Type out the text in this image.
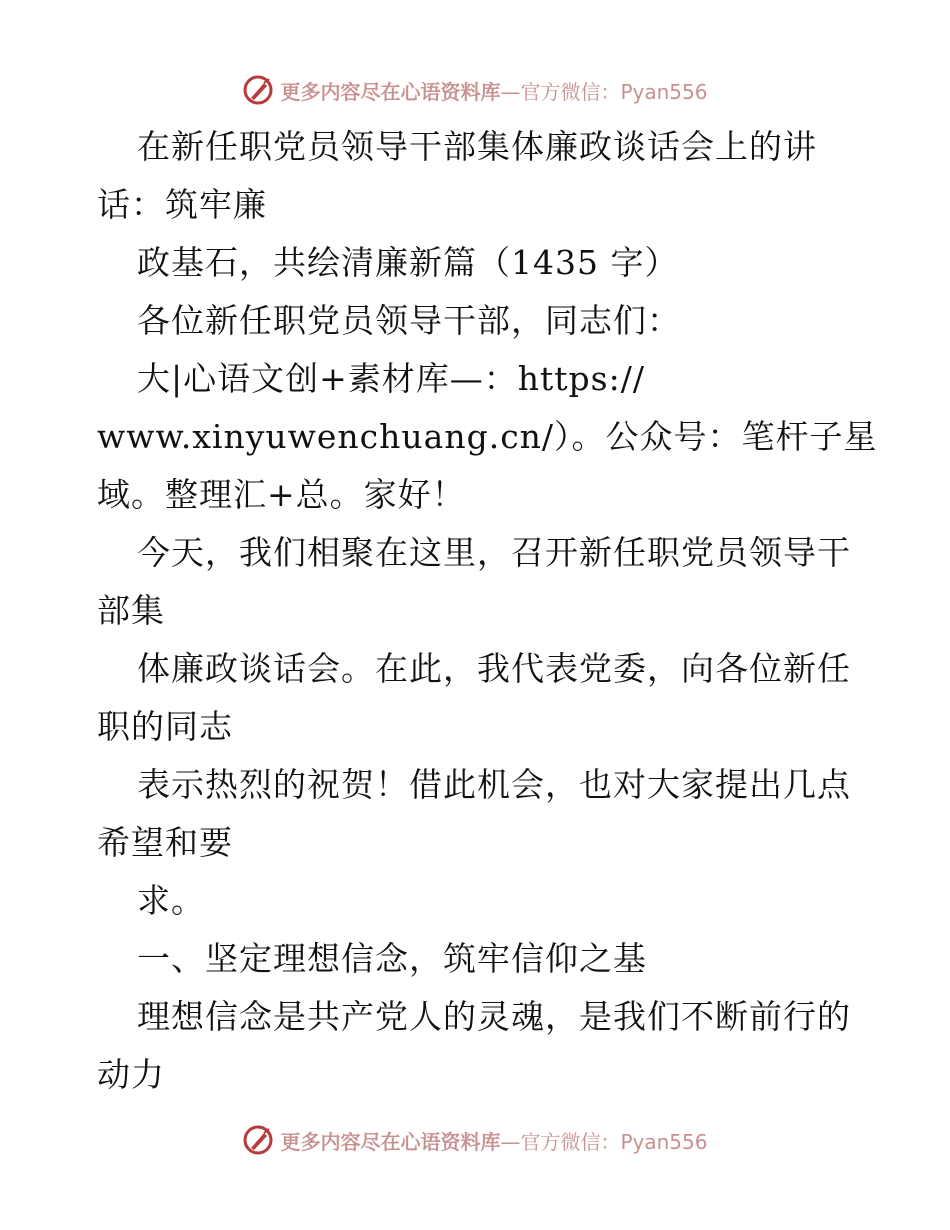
更多内容尽在心语资料库—官方微信：Pyan556
在新任职党员领导干部集体廉政谈话会上的讲
话：筑牢廉
政基石，共绘清廉新篇（1435 字）
各位新任职党员领导干部，同志们：
大|心语文创+素材库—：https://
www.xinyuwenchuang.cn/）。公众号：笔杆子星
域。整理汇+总。家好！
今天，我们相聚在这里，召开新任职党员领导干
部集
体廉政谈话会。在此，我代表党委，向各位新任
职的同志
表示热烈的祝贺！借此机会，也对大家提出几点
希望和要
求。
一、坚定理想信念，筑牢信仰之基
理想信念是共产党人的灵魂，是我们不断前行的
动力
更多内容尽在心语资料库—官方微信：Pyan556
